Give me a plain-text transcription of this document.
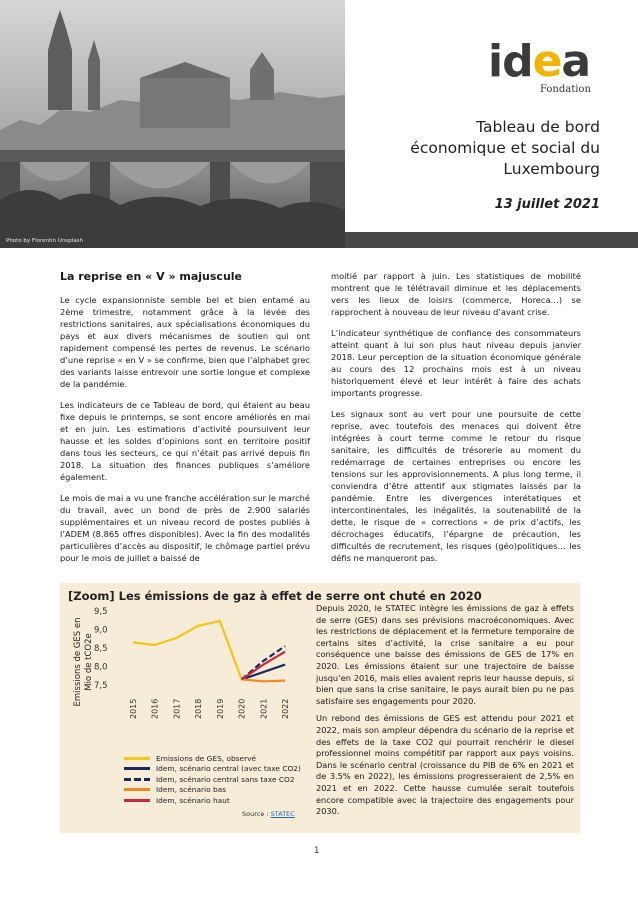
Photo by Florentin Unsplash
idea
Fondation
Tableau de bord
économique et social du
Luxembourg
13 juillet 2021
La reprise en « V » majuscule

Le cycle expansionniste semble bel et bien entamé au 2ème trimestre, notamment grâce à la levée des restrictions sanitaires, aux spécialisations économiques du pays et aux divers mécanismes de soutien qui ont rapidement compensé les pertes de revenus. Le scénario d’une reprise « en V » se confirme, bien que l’alphabet grec des variants laisse entrevoir une sortie longue et complexe de la pandémie.

Les indicateurs de ce Tableau de bord, qui étaient au beau fixe depuis le printemps, se sont encore améliorés en mai et en juin. Les estimations d’activité poursuivent leur hausse et les soldes d’opinions sont en territoire positif dans tous les secteurs, ce qui n’était pas arrivé depuis fin 2018. La situation des finances publiques s’améliore également.

Le mois de mai a vu une franche accélération sur le marché du travail, avec un bond de près de 2.900 salariés supplémentaires et un niveau record de postes publiés à l’ADEM (8.865 offres disponibles). Avec la fin des modalités particulières d’accès au dispositif, le chômage partiel prévu pour le mois de juillet a baissé de

moitié par rapport à juin. Les statistiques de mobilité montrent que le télétravail diminue et les déplacements vers les lieux de loisirs (commerce, Horeca…) se rapprochent à nouveau de leur niveau d’avant crise.

L’indicateur synthétique de confiance des consommateurs atteint quant à lui son plus haut niveau depuis janvier 2018. Leur perception de la situation économique générale au cours des 12 prochains mois est à un niveau historiquement élevé et leur intérêt à faire des achats importants progresse.

Les signaux sont au vert pour une poursuite de cette reprise, avec toutefois des menaces qui doivent être intégrées à court terme comme le retour du risque sanitaire, les difficultés de trésorerie au moment du redémarrage de certaines entreprises ou encore les tensions sur les approvisionnements. A plus long terme, il conviendra d’être attentif aux stigmates laissés par la pandémie. Entre les divergences interétatiques et intercontinentales, les inégalités, la soutenabilité de la dette, le risque de « corrections » de prix d’actifs, les décrochages éducatifs, l’épargne de précaution, les difficultés de recrutement, les risques (géo)politiques… les défis ne manqueront pas.

[Zoom] Les émissions de gaz à effet de serre ont chuté en 2020
7,5
8,0
8,5
9,0
9,5
Emissions de GES enMio de tCO2e
2015 2016 2017 2018 2019 2020 2021 2022
Emissions de GES, observé
Idem, scénario central (avec taxe CO2)
Idem, scénario central sans taxe CO2
Idem, scénario bas
Idem, scénario haut
Source : STATEC

Depuis 2020, le STATEC intègre les émissions de gaz à effets de serre (GES) dans ses prévisions macroéconomiques. Avec les restrictions de déplacement et la fermeture temporaire de certains sites d’activité, la crise sanitaire a eu pour conséquence une baisse des émissions de GES de 17% en 2020. Les émissions étaient sur une trajectoire de baisse jusqu’en 2016, mais elles avaient repris leur hausse depuis, si bien que sans la crise sanitaire, le pays aurait bien pu ne pas satisfaire ses engagements pour 2020.

Un rebond des émissions de GES est attendu pour 2021 et 2022, mais son ampleur dépendra du scénario de la reprise et des effets de la taxe CO2 qui pourrait renchérir le diesel professionnel moins compétitif par rapport aux pays voisins. Dans le scénario central (croissance du PIB de 6% en 2021 et de 3.5% en 2022), les émissions progresseraient de 2,5% en 2021 et en 2022. Cette hausse cumulée serait toutefois encore compatible avec la trajectoire des engagements pour 2030.

1
